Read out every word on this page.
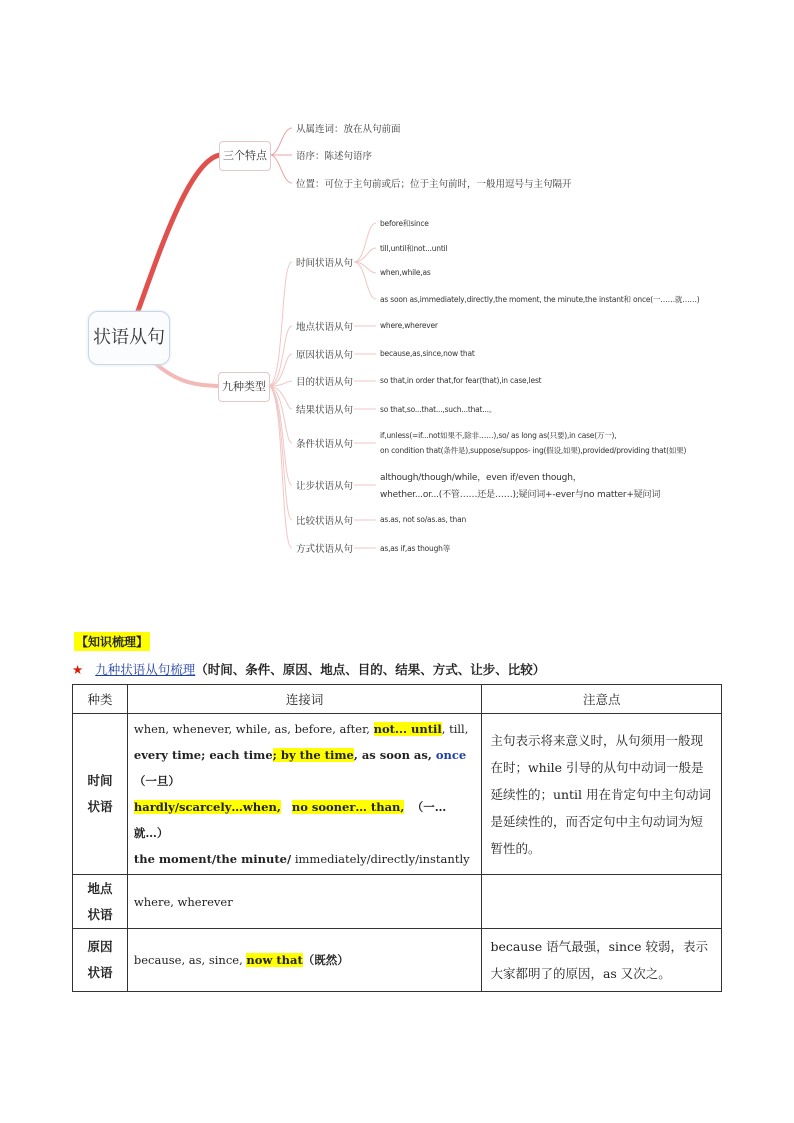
状语从句
三个特点
九种类型
从属连词：放在从句前面
语序：陈述句语序
位置：可位于主句前或后；位于主句前时，一般用逗号与主句隔开
时间状语从句
before和since
till,until和not...until
when,while,as
as soon as,immediately,directly,the moment, the minute,the instant和 once(一……就……)
地点状语从句	where,wherever
原因状语从句	because,as,since,now that
目的状语从句	so that,in order that,for fear(that),in case,lest
结果状语从句	so that,so...that...,such...that...。
条件状语从句
if,unless(=if...not如果不,除非……),so/ as long as(只要),in case(万一),
on condition that(条件是),suppose/suppos- ing(假设,如果),provided/providing that(如果)
让步状语从句
although/though/while，even if/even though，
whether...or...(不管……还是……);疑问词+-ever与no matter+疑问词
比较状语从句	as.as, not so/as.as, than
方式状语从句	as,as if,as though等
【知识梳理】
★ 九种状语从句梳理（时间、条件、原因、地点、目的、结果、方式、让步、比较）
种类	连接词	注意点
时间
状语	when, whenever, while, as, before, after, not... until, till,
every time; each time; by the time, as soon as, once（一旦）
hardly/scarcely…when, no sooner… than, （一…就…）
the moment/the minute/ immediately/directly/instantly	主句表示将来意义时，从句须用一般现在时；while 引导的从句中动词一般是延续性的；until 用在肯定句中主句动词是延续性的，而否定句中主句动词为短暂性的。
地点
状语	where, wherever	
原因
状语	because, as, since, now that（既然）	because 语气最强，since 较弱，表示大家都明了的原因，as 又次之。
